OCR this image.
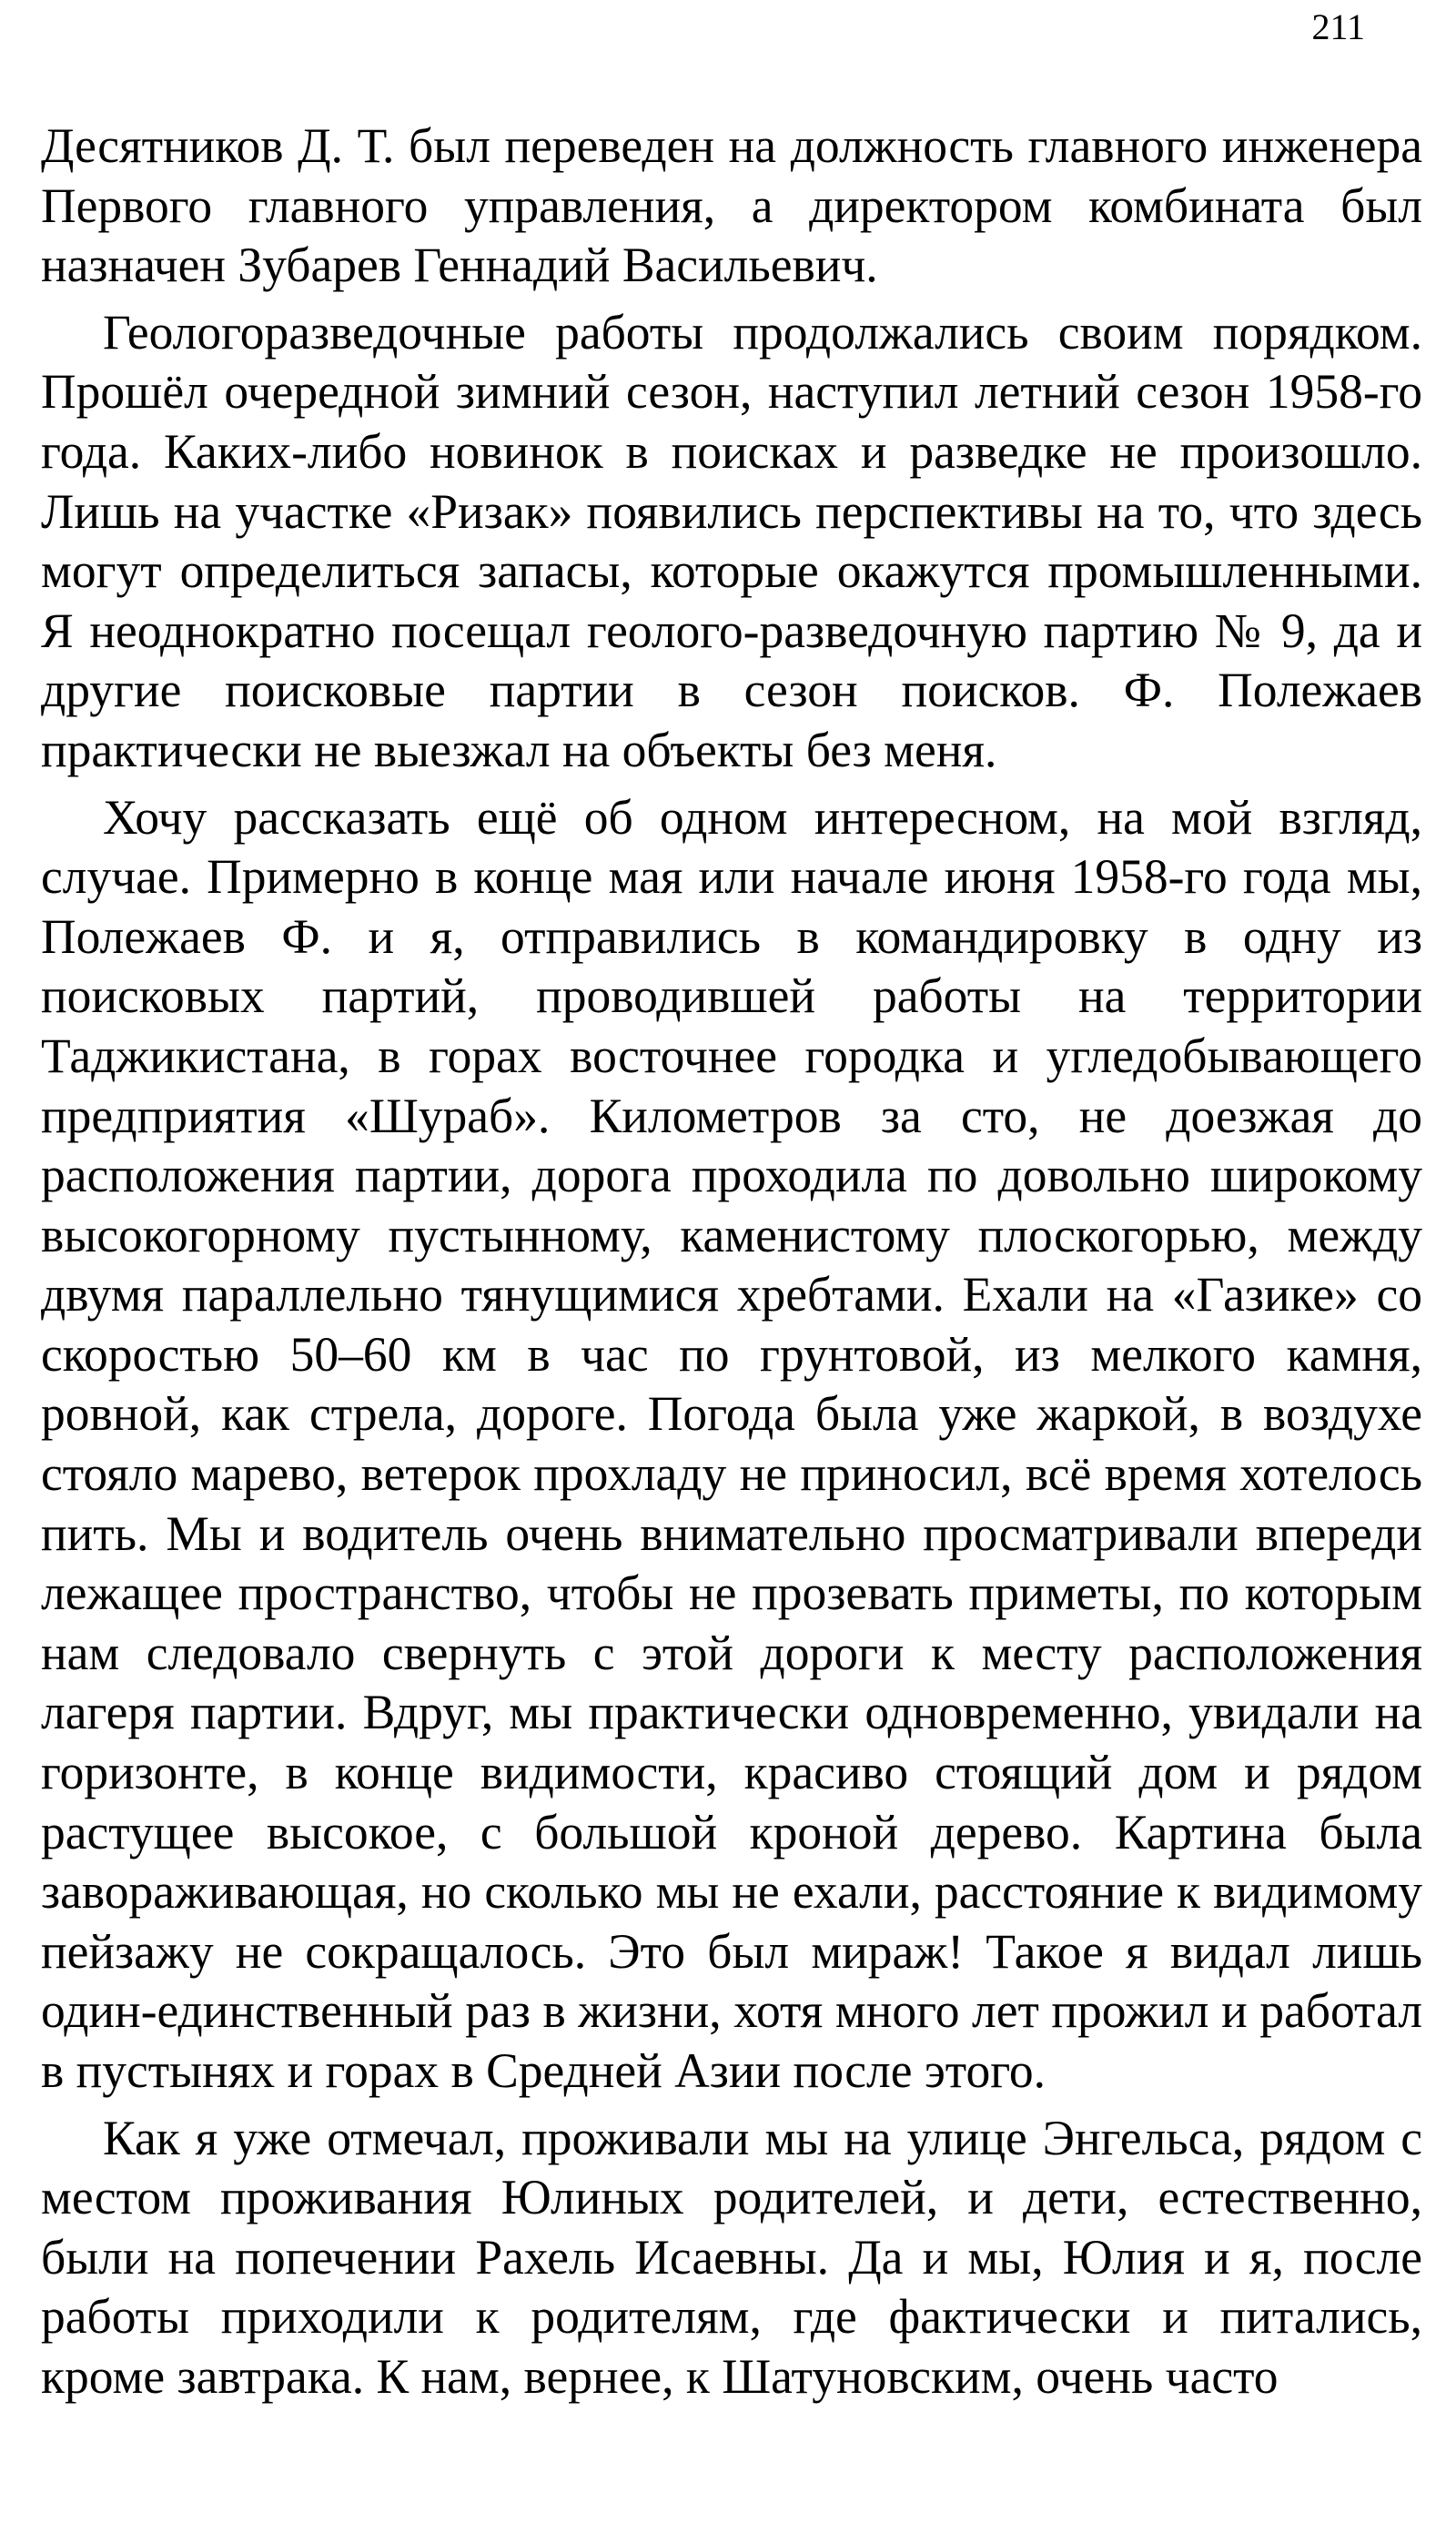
211

Десятников Д. Т. был переведен на должность главного инженера Первого главного управления, а директором комбината был назначен Зубарев Геннадий Васильевич.

Геологоразведочные работы продолжались своим порядком. Прошёл очередной зимний сезон, наступил летний сезон 1958-го года. Каких-либо новинок в поисках и разведке не произошло. Лишь на участке «Ризак» появились перспективы на то, что здесь могут определиться запасы, которые окажутся промышленными. Я неоднократно посещал геолого-разведочную партию № 9, да и другие поисковые партии в сезон поисков. Ф. Полежаев практически не выезжал на объекты без меня.

Хочу рассказать ещё об одном интересном, на мой взгляд, случае. Примерно в конце мая или начале июня 1958-го года мы, Полежаев Ф. и я, отправились в командировку в одну из поисковых партий, проводившей работы на территории Таджикистана, в горах восточнее городка и угледобывающего предприятия «Шураб». Километров за сто, не доезжая до расположения партии, дорога проходила по довольно широкому высокогорному пустынному, каменистому плоскогорью, между двумя параллельно тянущимися хребтами. Ехали на «Газике» со скоростью 50–60 км в час по грунтовой, из мелкого камня, ровной, как стрела, дороге. Погода была уже жаркой, в воздухе стояло марево, ветерок прохладу не приносил, всё время хотелось пить. Мы и водитель очень внимательно просматривали впереди лежащее пространство, чтобы не прозевать приметы, по которым нам следовало свернуть с этой дороги к месту расположения лагеря партии. Вдруг, мы практически одновременно, увидали на горизонте, в конце видимости, красиво стоящий дом и рядом растущее высокое, с большой кроной дерево. Картина была завораживающая, но сколько мы не ехали, расстояние к видимому пейзажу не сокращалось. Это был мираж! Такое я видал лишь один-единственный раз в жизни, хотя много лет прожил и работал в пустынях и горах в Средней Азии после этого.

Как я уже отмечал, проживали мы на улице Энгельса, рядом с местом проживания Юлиных родителей, и дети, естественно, были на попечении Рахель Исаевны. Да и мы, Юлия и я, после работы приходили к родителям, где фактически и питались, кроме завтрака. К нам, вернее, к Шатуновским, очень часто
